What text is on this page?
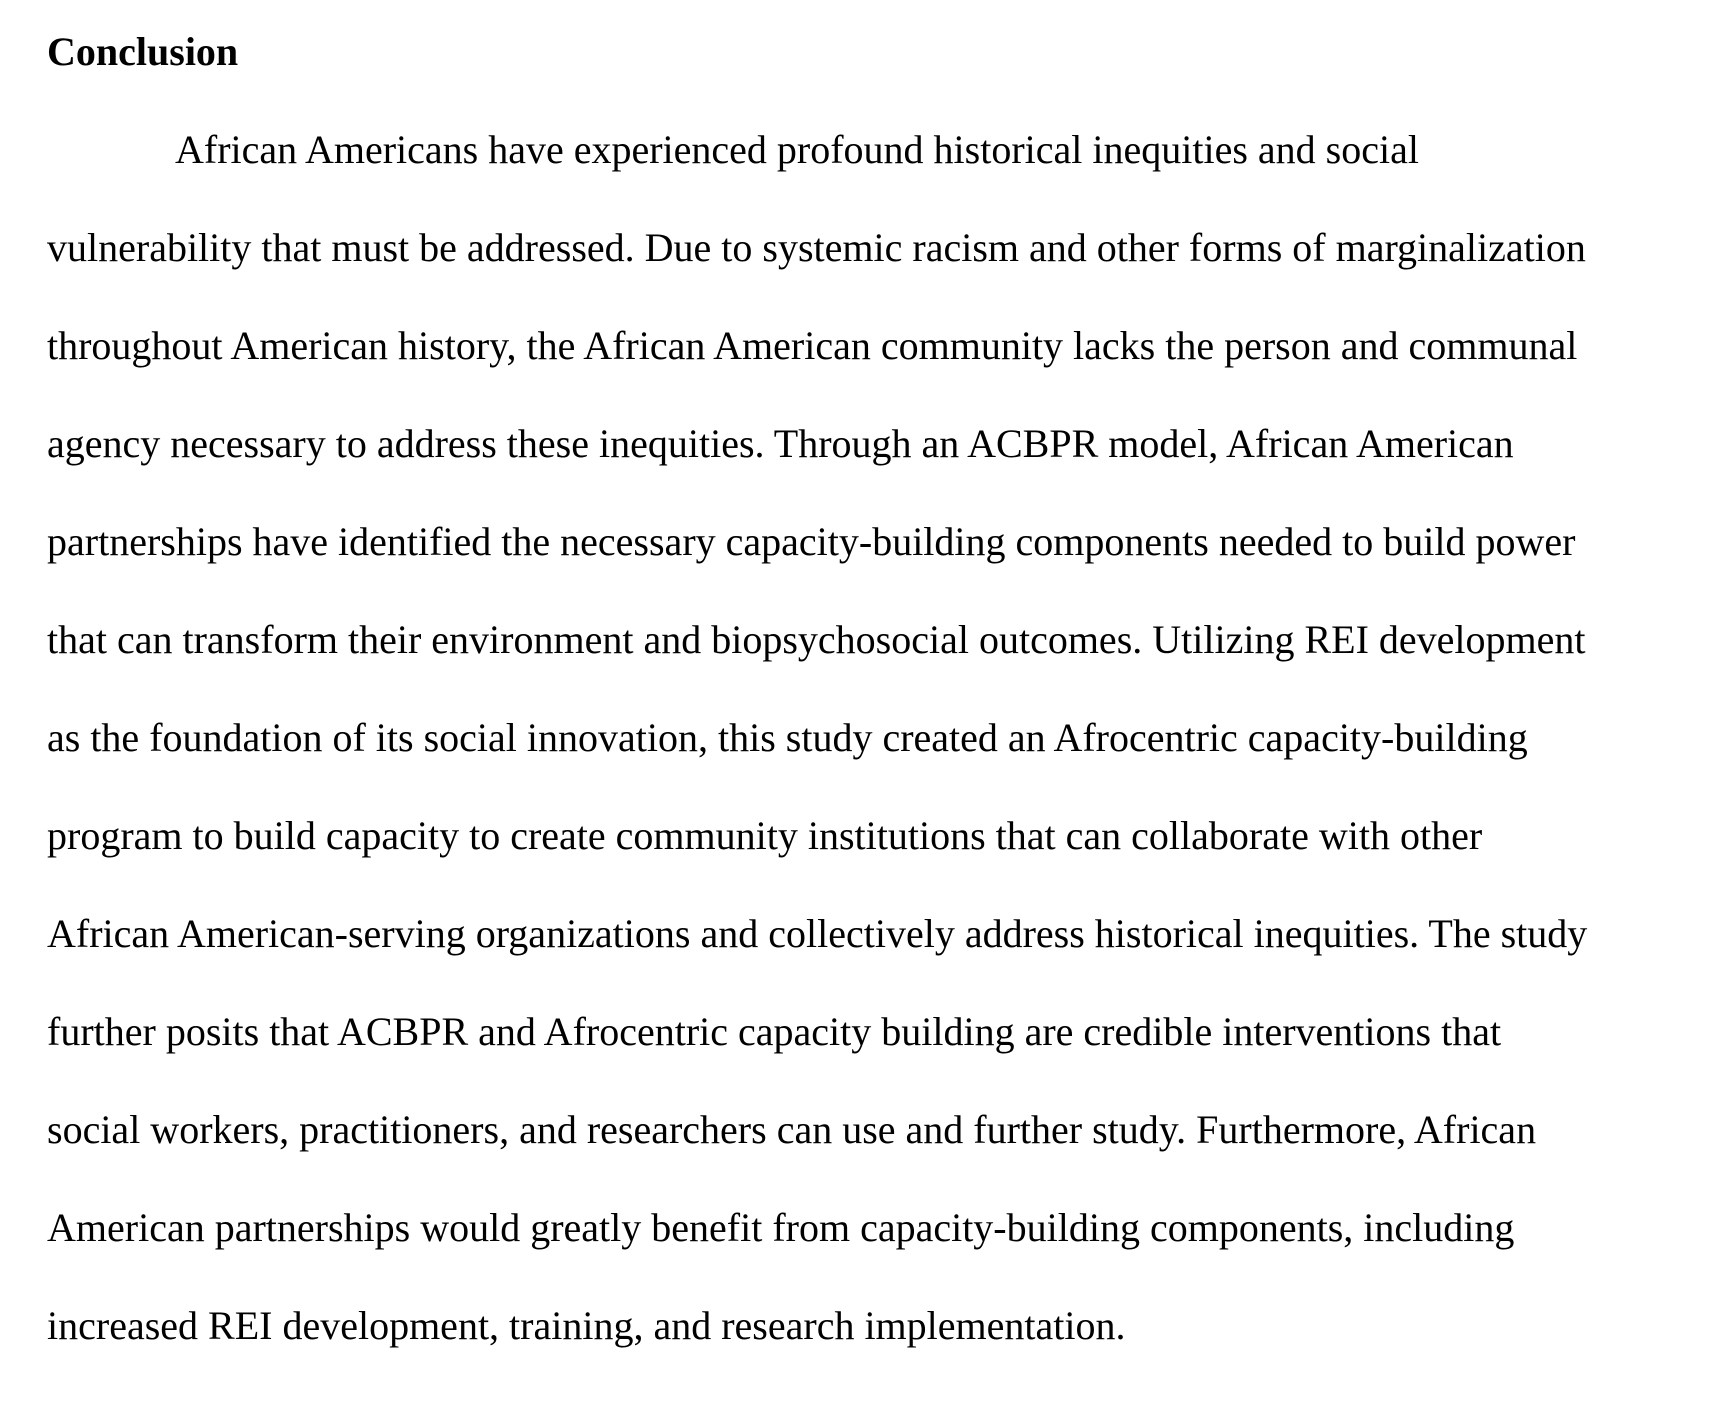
Conclusion

African Americans have experienced profound historical inequities and social

vulnerability that must be addressed. Due to systemic racism and other forms of marginalization

throughout American history, the African American community lacks the person and communal

agency necessary to address these inequities. Through an ACBPR model, African American

partnerships have identified the necessary capacity-building components needed to build power

that can transform their environment and biopsychosocial outcomes. Utilizing REI development

as the foundation of its social innovation, this study created an Afrocentric capacity-building

program to build capacity to create community institutions that can collaborate with other

African American-serving organizations and collectively address historical inequities. The study

further posits that ACBPR and Afrocentric capacity building are credible interventions that

social workers, practitioners, and researchers can use and further study. Furthermore, African

American partnerships would greatly benefit from capacity-building components, including

increased REI development, training, and research implementation.
